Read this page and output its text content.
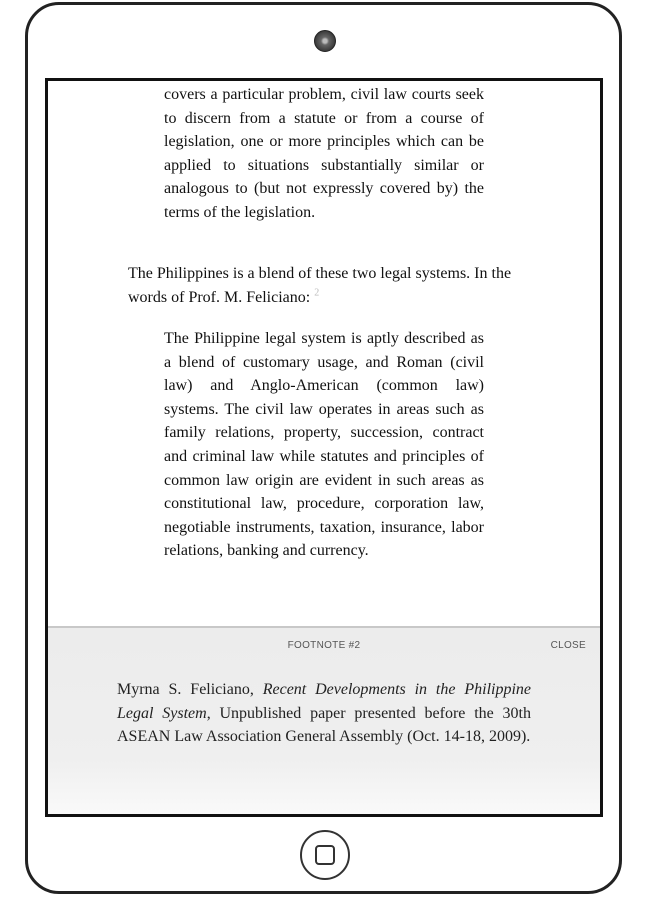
covers a particular problem, civil law courts seek to discern from a statute or from a course of legislation, one or more principles which can be applied to situations substantially similar or analogous to (but not expressly covered by) the terms of the legislation.
The Philippines is a blend of these two legal systems. In the words of Prof. M. Feliciano: $^2$
The Philippine legal system is aptly described as a blend of customary usage, and Roman (civil law) and Anglo-American (common law) systems. The civil law operates in areas such as family relations, property, succession, contract and criminal law while statutes and principles of common law origin are evident in such areas as constitutional law, procedure, corporation law, negotiable instruments, taxation, insurance, labor relations, banking and currency.
FOOTNOTE #2	CLOSE
Myrna S. Feliciano, Recent Developments in the Philippine Legal System, Unpublished paper presented before the 30th ASEAN Law Association General Assembly (Oct. 14-18, 2009).
